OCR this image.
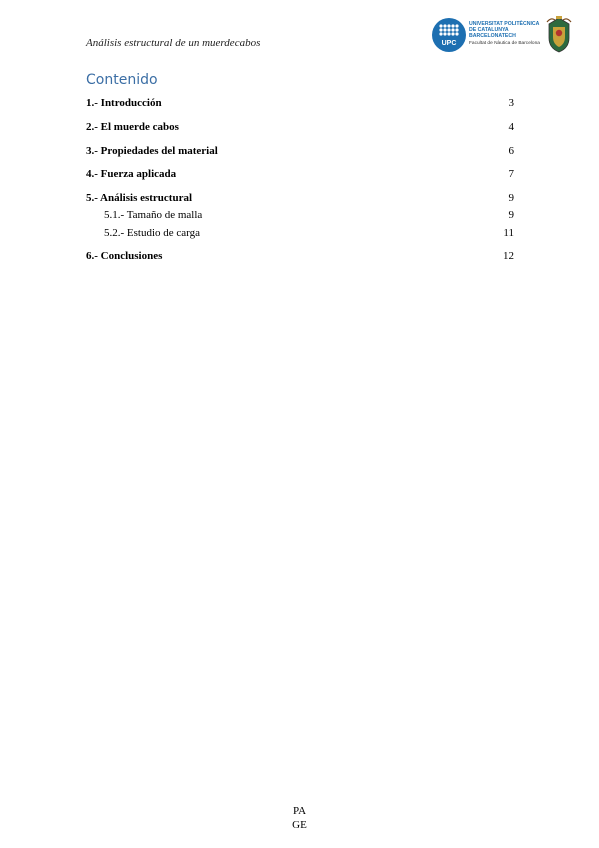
Análisis estructural de un muerdecabos	UPC
UNIVERSITAT POLITÈCNICA
DE CATALUNYA
BARCELONATECH
Facultat de Nàutica de Barcelona
Contenido
1.- Introducción	3
2.- El muerde cabos	4
3.- Propiedades del material	6
4.- Fuerza aplicada	7
5.- Análisis estructural	9
5.1.- Tamaño de malla	9
5.2.- Estudio de carga	11
6.- Conclusiones	12
PA
GE
